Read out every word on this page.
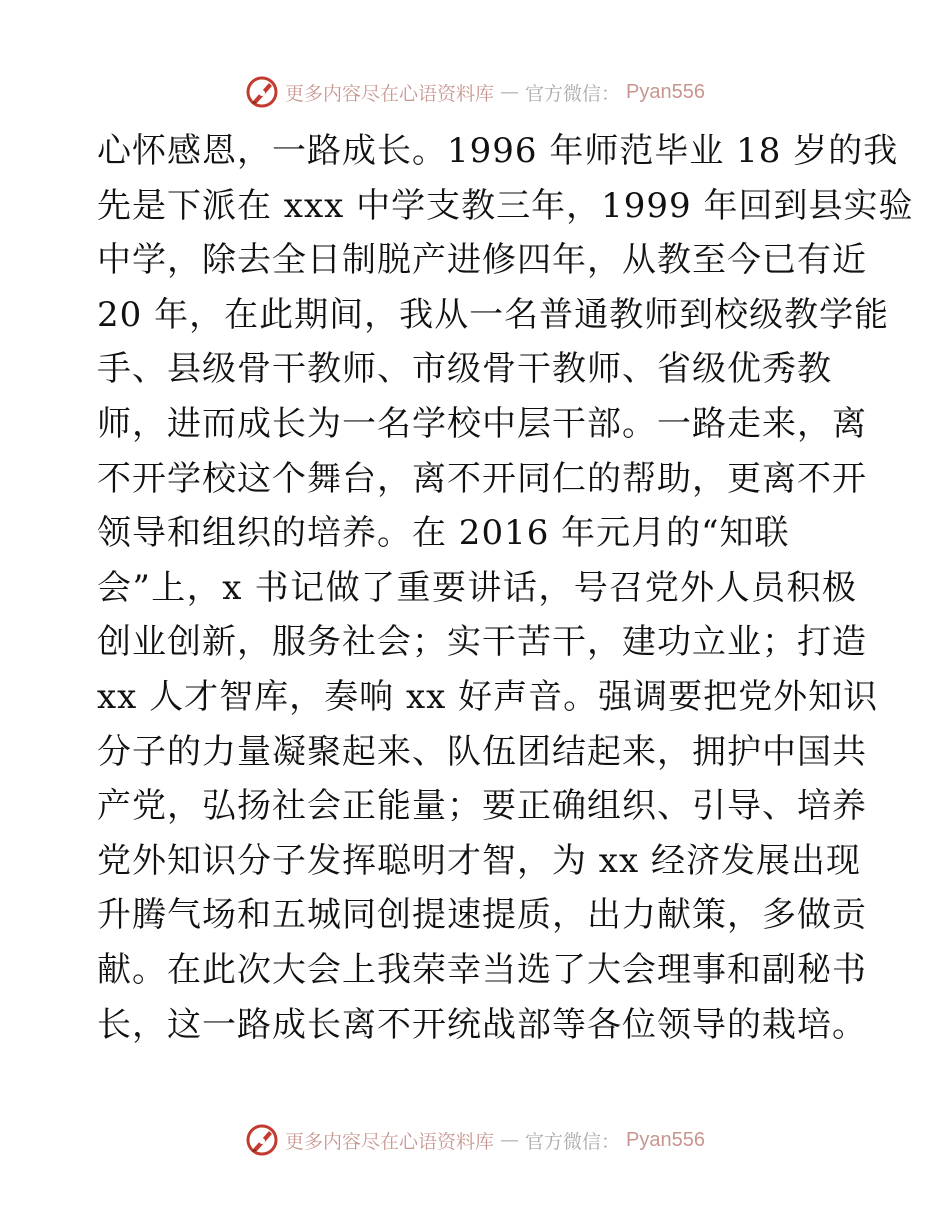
更多内容尽在心语资料库 — 官方微信： Pyan556
心怀感恩，一路成长。1996 年师范毕业 18 岁的我
先是下派在 xxx 中学支教三年，1999 年回到县实验
中学，除去全日制脱产进修四年，从教至今已有近
20 年，在此期间，我从一名普通教师到校级教学能
手、县级骨干教师、市级骨干教师、省级优秀教
师，进而成长为一名学校中层干部。一路走来，离
不开学校这个舞台，离不开同仁的帮助，更离不开
领导和组织的培养。在 2016 年元月的“知联
会”上，x 书记做了重要讲话，号召党外人员积极
创业创新，服务社会；实干苦干，建功立业；打造
xx 人才智库，奏响 xx 好声音。强调要把党外知识
分子的力量凝聚起来、队伍团结起来，拥护中国共
产党，弘扬社会正能量；要正确组织、引导、培养
党外知识分子发挥聪明才智，为 xx 经济发展出现
升腾气场和五城同创提速提质，出力献策，多做贡
献。在此次大会上我荣幸当选了大会理事和副秘书
长，这一路成长离不开统战部等各位领导的栽培。
更多内容尽在心语资料库 — 官方微信： Pyan556
